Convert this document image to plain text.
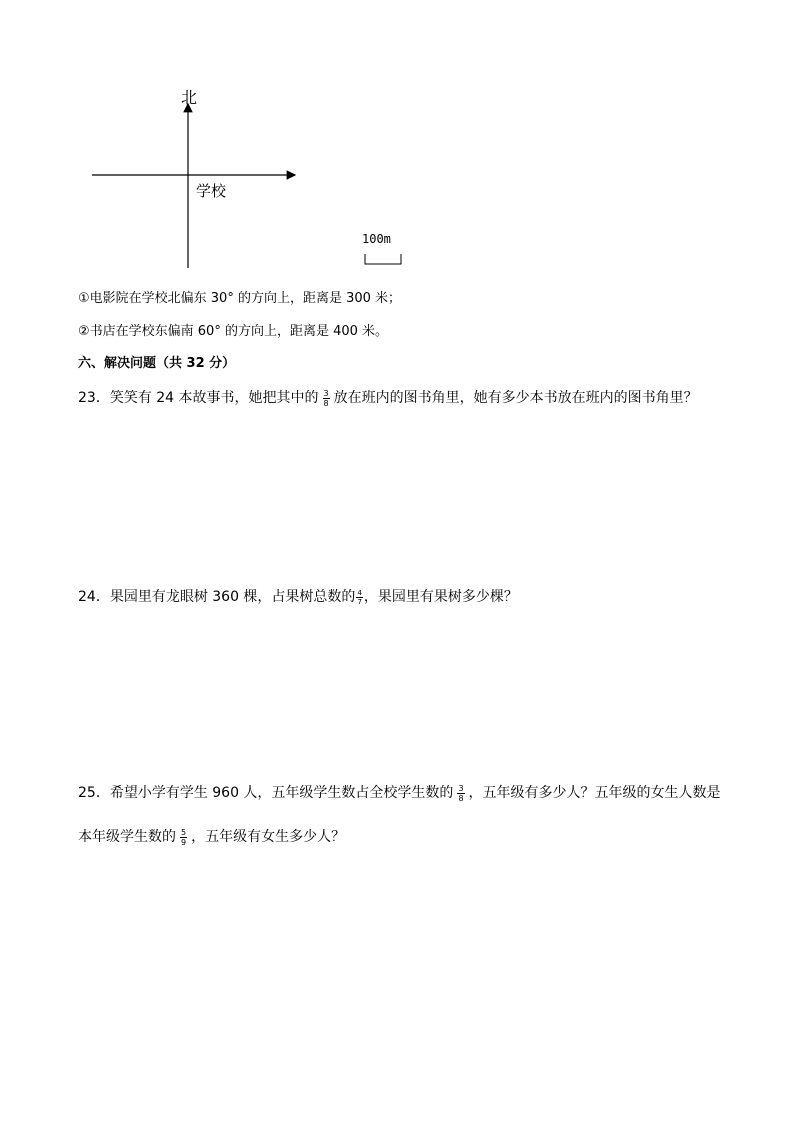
北
学校
100m
①电影院在学校北偏东 30° 的方向上，距离是 300 米；
②书店在学校东偏南 60° 的方向上，距离是 400 米。
六、解决问题（共 32 分）
23．笑笑有 24 本故事书，她把其中的 $\frac{3}{8}$ 放在班内的图书角里，她有多少本书放在班内的图书角里？
24．果园里有龙眼树 360 棵，占果树总数的 $\frac{4}{7}$ ，果园里有果树多少棵？
25．希望小学有学生 960 人，五年级学生数占全校学生数的 $\frac{3}{8}$ ，五年级有多少人？五年级的女生人数是
本年级学生数的 $\frac{5}{9}$ ，五年级有女生多少人？
